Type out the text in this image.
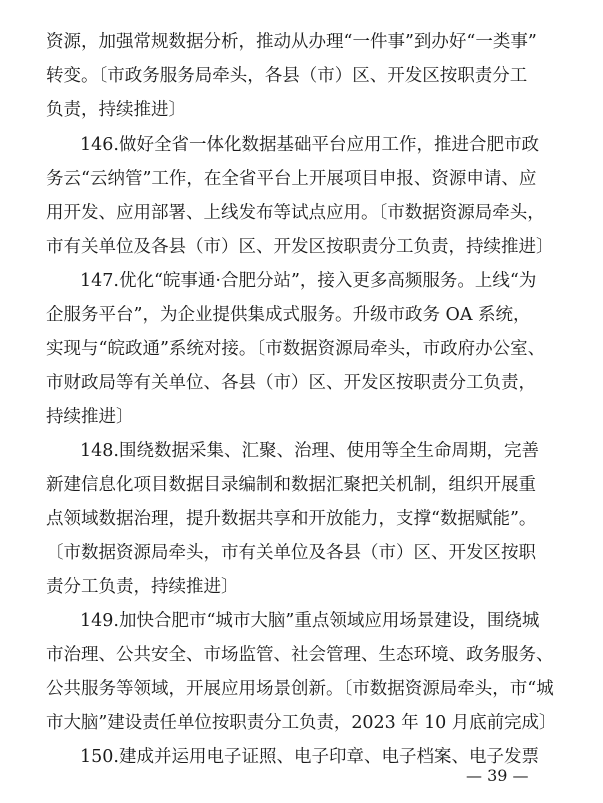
资源，加强常规数据分析，推动从办理“一件事”到办好“一类事”
转变。〔市政务服务局牵头，各县（市）区、开发区按职责分工
负责，持续推进〕
146.做好全省一体化数据基础平台应用工作，推进合肥市政
务云“云纳管”工作，在全省平台上开展项目申报、资源申请、应
用开发、应用部署、上线发布等试点应用。〔市数据资源局牵头，
市有关单位及各县（市）区、开发区按职责分工负责，持续推进〕
147.优化“皖事通·合肥分站”，接入更多高频服务。上线“为
企服务平台”，为企业提供集成式服务。升级市政务 OA 系统，
实现与“皖政通”系统对接。〔市数据资源局牵头，市政府办公室、
市财政局等有关单位、各县（市）区、开发区按职责分工负责，
持续推进〕
148.围绕数据采集、汇聚、治理、使用等全生命周期，完善
新建信息化项目数据目录编制和数据汇聚把关机制，组织开展重
点领域数据治理，提升数据共享和开放能力，支撑“数据赋能”。
〔市数据资源局牵头，市有关单位及各县（市）区、开发区按职
责分工负责，持续推进〕
149.加快合肥市“城市大脑”重点领域应用场景建设，围绕城
市治理、公共安全、市场监管、社会管理、生态环境、政务服务、
公共服务等领域，开展应用场景创新。〔市数据资源局牵头，市“城
市大脑”建设责任单位按职责分工负责，2023 年 10 月底前完成〕
150.建成并运用电子证照、电子印章、电子档案、电子发票
— 39 —
